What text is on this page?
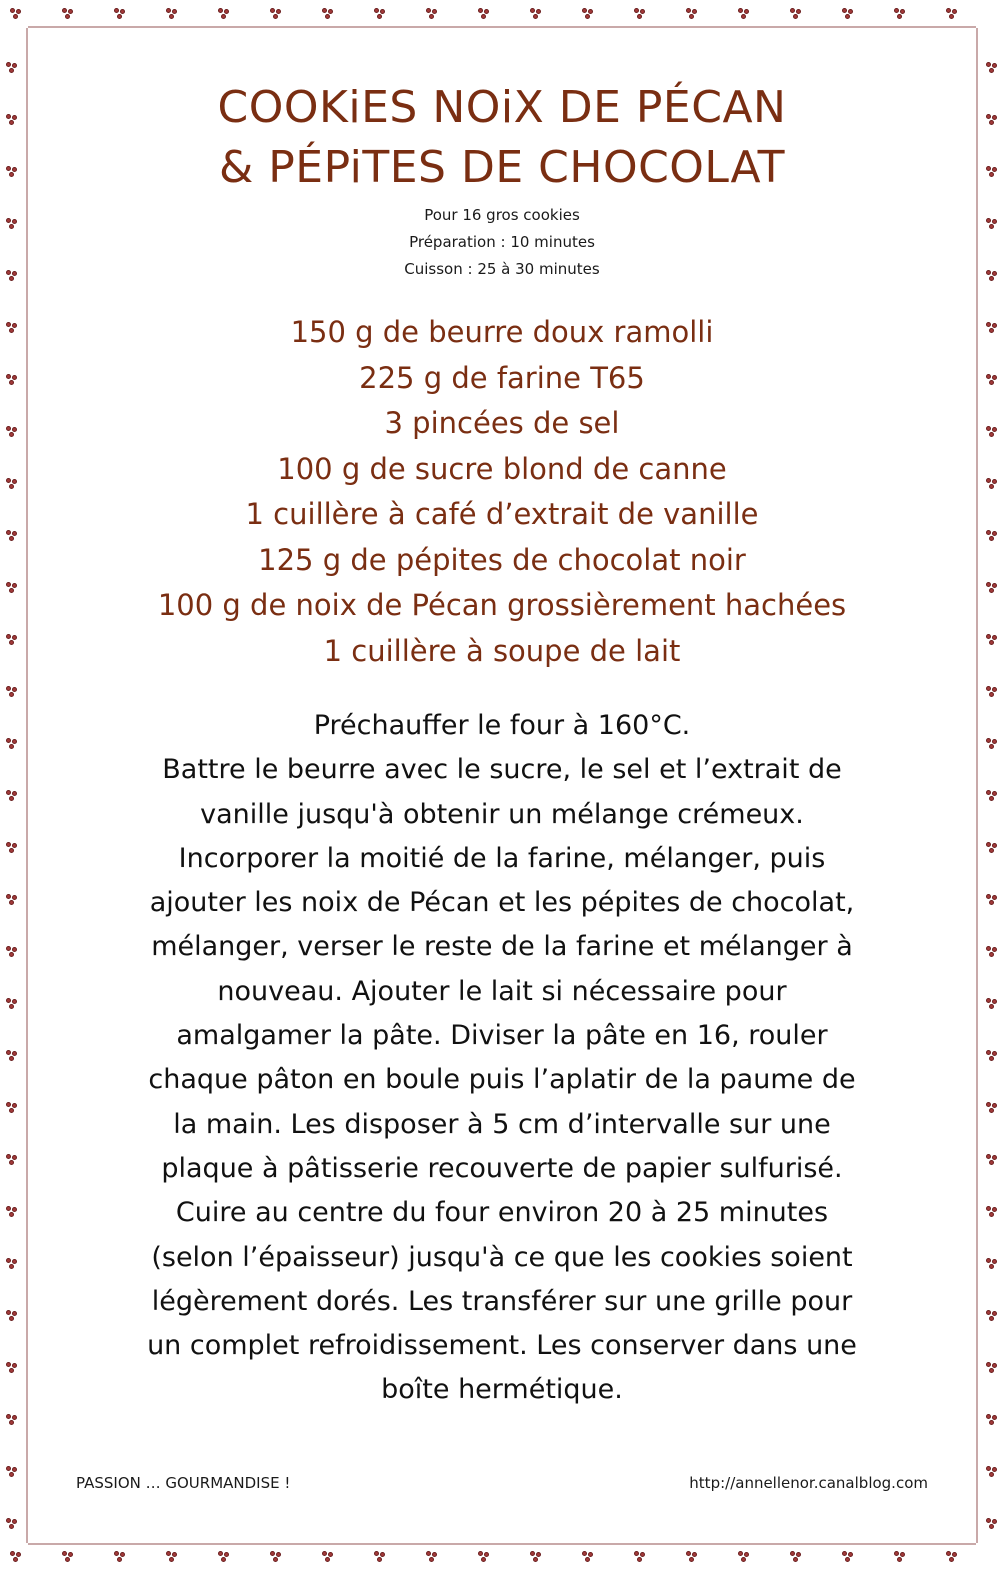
COOKiES NOiX DE PÉCAN
& PÉPiTES DE CHOCOLAT
Pour 16 gros cookies
Préparation : 10 minutes
Cuisson : 25 à 30 minutes
150 g de beurre doux ramolli
225 g de farine T65
3 pincées de sel
100 g de sucre blond de canne
1 cuillère à café d’extrait de vanille
125 g de pépites de chocolat noir
100 g de noix de Pécan grossièrement hachées
1 cuillère à soupe de lait
Préchauffer le four à 160°C.
Battre le beurre avec le sucre, le sel et l’extrait de
vanille jusqu'à obtenir un mélange crémeux.
Incorporer la moitié de la farine, mélanger, puis
ajouter les noix de Pécan et les pépites de chocolat,
mélanger, verser le reste de la farine et mélanger à
nouveau. Ajouter le lait si nécessaire pour
amalgamer la pâte. Diviser la pâte en 16, rouler
chaque pâton en boule puis l’aplatir de la paume de
la main. Les disposer à 5 cm d’intervalle sur une
plaque à pâtisserie recouverte de papier sulfurisé.
Cuire au centre du four environ 20 à 25 minutes
(selon l’épaisseur) jusqu'à ce que les cookies soient
légèrement dorés. Les transférer sur une grille pour
un complet refroidissement. Les conserver dans une
boîte hermétique.
PASSION … GOURMANDISE !	http://annellenor.canalblog.com
